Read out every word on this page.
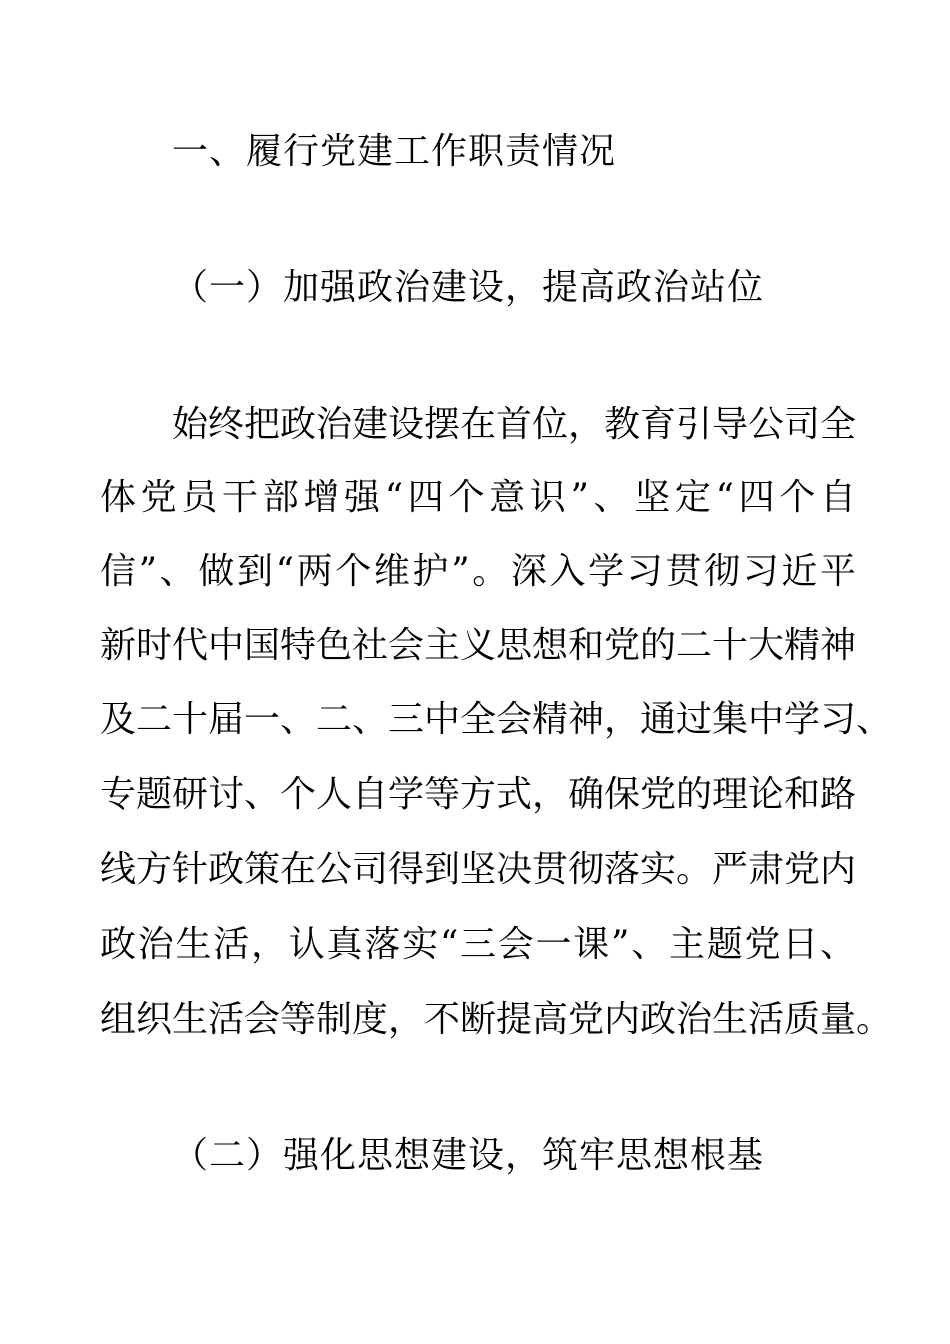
一、履行党建工作职责情况
（一）加强政治建设，提高政治站位
始终把政治建设摆在首位，教育引导公司全
体党员干部增强“四个意识”、坚定“四个自
信”、做到“两个维护”。深入学习贯彻习近平
新时代中国特色社会主义思想和党的二十大精神
及二十届一、二、三中全会精神，通过集中学习、
专题研讨、个人自学等方式，确保党的理论和路
线方针政策在公司得到坚决贯彻落实。严肃党内
政治生活，认真落实“三会一课”、主题党日、
组织生活会等制度，不断提高党内政治生活质量。
（二）强化思想建设，筑牢思想根基
